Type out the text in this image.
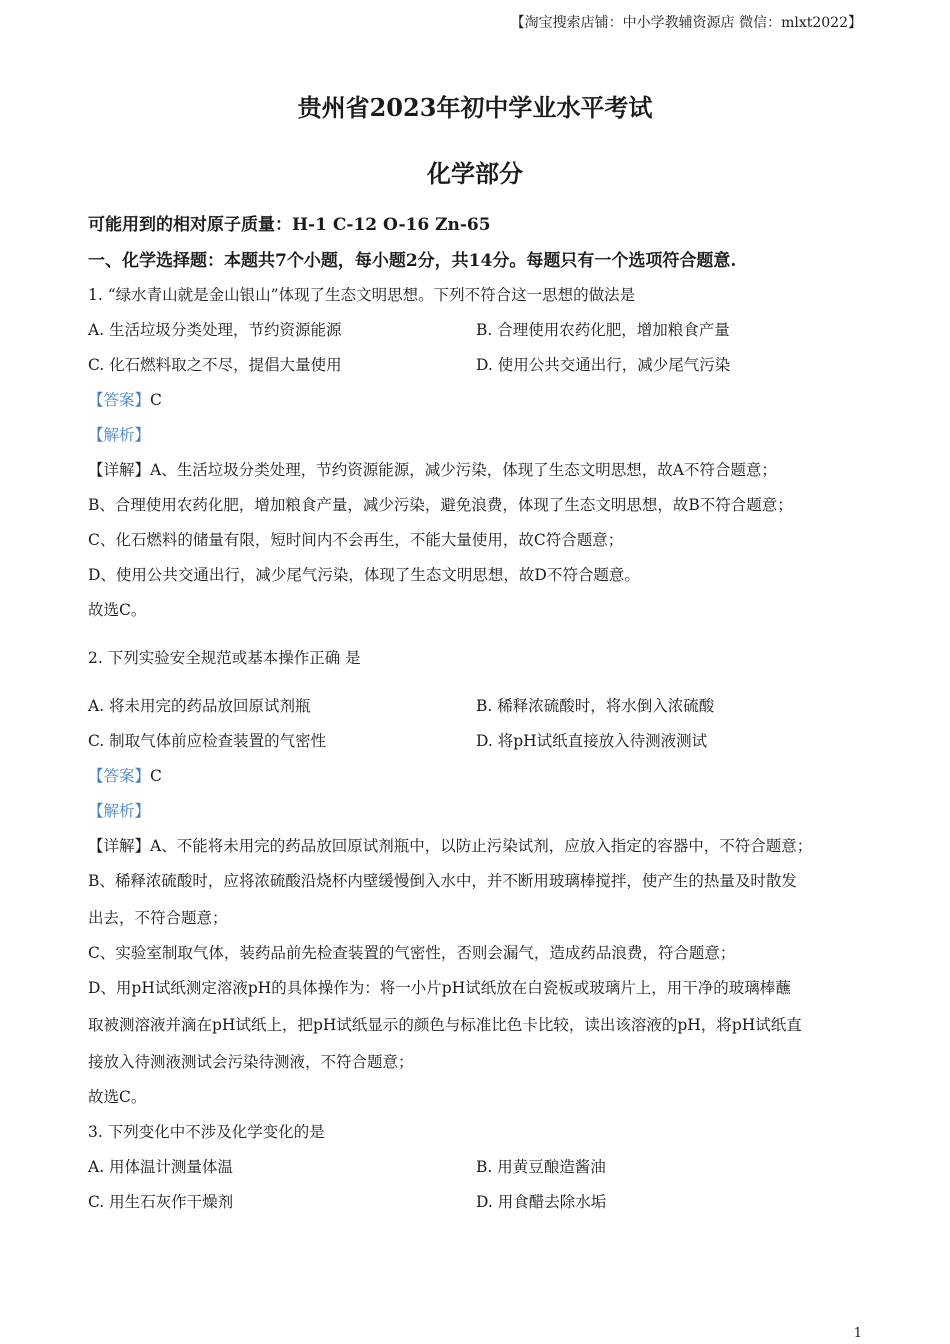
【淘宝搜索店铺：中小学教辅资源店 微信：mlxt2022】
贵州省2023年初中学业水平考试
化学部分
可能用到的相对原子质量：H-1 C-12 O-16 Zn-65
一、化学选择题：本题共7个小题，每小题2分，共14分。每题只有一个选项符合题意.
1. “绿水青山就是金山银山”体现了生态文明思想。下列不符合这一思想的做法是
A. 生活垃圾分类处理，节约资源能源	B. 合理使用农药化肥，增加粮食产量
C. 化石燃料取之不尽，提倡大量使用	D. 使用公共交通出行，减少尾气污染
【答案】C
【解析】
【详解】A、生活垃圾分类处理，节约资源能源，减少污染，体现了生态文明思想，故A不符合题意；
B、合理使用农药化肥，增加粮食产量，减少污染，避免浪费，体现了生态文明思想，故B不符合题意；
C、化石燃料的储量有限，短时间内不会再生，不能大量使用，故C符合题意；
D、使用公共交通出行，减少尾气污染，体现了生态文明思想，故D不符合题意。
故选C。
2. 下列实验安全规范或基本操作正确 是
A. 将未用完的药品放回原试剂瓶	B. 稀释浓硫酸时，将水倒入浓硫酸
C. 制取气体前应检查装置的气密性	D. 将pH试纸直接放入待测液测试
【答案】C
【解析】
【详解】A、不能将未用完的药品放回原试剂瓶中，以防止污染试剂，应放入指定的容器中，不符合题意；
B、稀释浓硫酸时，应将浓硫酸沿烧杯内壁缓慢倒入水中，并不断用玻璃棒搅拌，使产生的热量及时散发
出去，不符合题意；
C、实验室制取气体，装药品前先检查装置的气密性，否则会漏气，造成药品浪费，符合题意；
D、用pH试纸测定溶液pH的具体操作为：将一小片pH试纸放在白瓷板或玻璃片上，用干净的玻璃棒蘸
取被测溶液并滴在pH试纸上，把pH试纸显示的颜色与标准比色卡比较，读出该溶液的pH，将pH试纸直
接放入待测液测试会污染待测液，不符合题意；
故选C。
3. 下列变化中不涉及化学变化的是
A. 用体温计测量体温	B. 用黄豆酿造酱油
C. 用生石灰作干燥剂	D. 用食醋去除水垢
1
